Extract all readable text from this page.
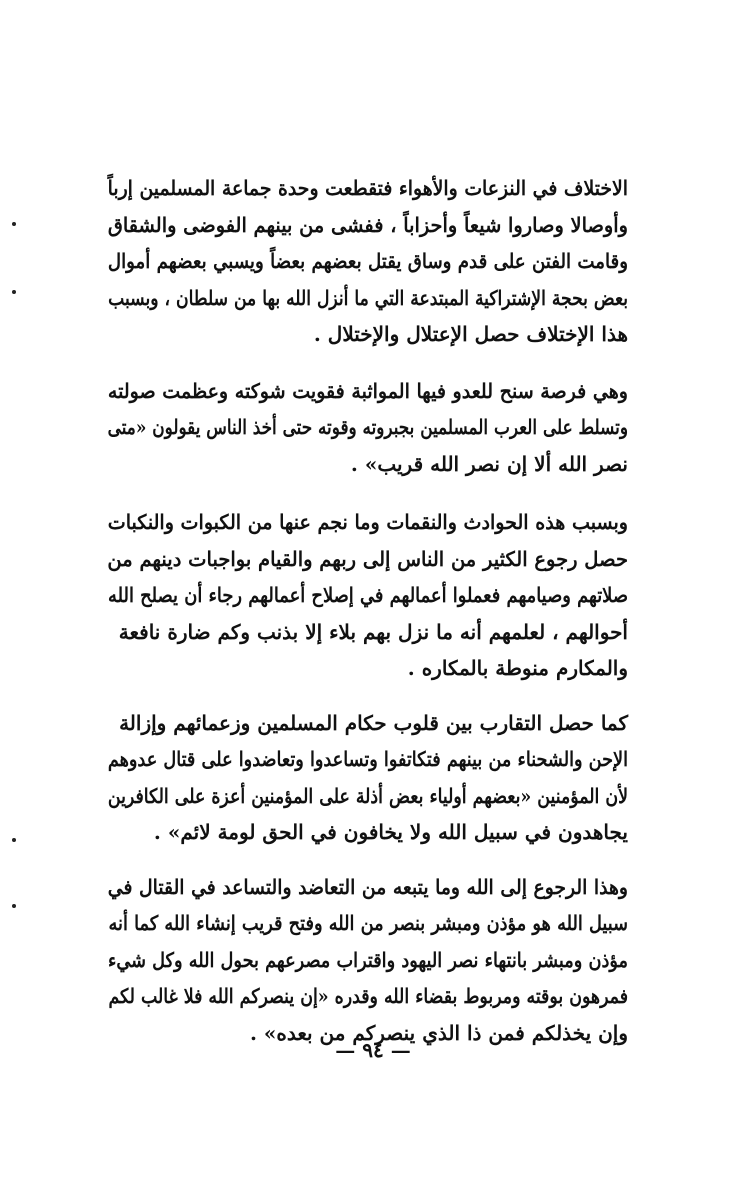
الاختلاف في النزعات والأهواء فتقطعت وحدة جماعة المسلمين إرباً
وأوصالا وصاروا شيعاً وأحزاباً ، ففشى من بينهم الفوضى والشقاق
وقامت الفتن على قدم وساق يقتل بعضهم بعضاً ويسبي بعضهم أموال
بعض بحجة الإشتراكية المبتدعة التي ما أنزل الله بها من سلطان ، وبسبب
هذا الإختلاف حصل الإعتلال والإختلال .

وهي فرصة سنح للعدو فيها المواثبة فقويت شوكته وعظمت صولته
وتسلط على العرب المسلمين بجبروته وقوته حتى أخذ الناس يقولون «متى
نصر الله ألا إن نصر الله قريب» .

وبسبب هذه الحوادث والنقمات وما نجم عنها من الكبوات والنكبات
حصل رجوع الكثير من الناس إلى ربهم والقيام بواجبات دينهم من
صلاتهم وصيامهم فعملوا أعمالهم في إصلاح أعمالهم رجاء أن يصلح الله
أحوالهم ، لعلمهم أنه ما نزل بهم بلاء إلا بذنب وكم ضارة نافعة
والمكارم منوطة بالمكاره .

كما حصل التقارب بين قلوب حكام المسلمين وزعمائهم وإزالة
الإحن والشحناء من بينهم فتكاتفوا وتساعدوا وتعاضدوا على قتال عدوهم
لأن المؤمنين «بعضهم أولياء بعض أذلة على المؤمنين أعزة على الكافرين
يجاهدون في سبيل الله ولا يخافون في الحق لومة لائم» .

وهذا الرجوع إلى الله وما يتبعه من التعاضد والتساعد في القتال في
سبيل الله هو مؤذن ومبشر بنصر من الله وفتح قريب إنشاء الله كما أنه
مؤذن ومبشر بانتهاء نصر اليهود واقتراب مصرعهم بحول الله وكل شيء
فمرهون بوقته ومربوط بقضاء الله وقدره «إن ينصركم الله فلا غالب لكم
وإن يخذلكم فمن ذا الذي ينصركم من بعده» .

— ٩٤ —
